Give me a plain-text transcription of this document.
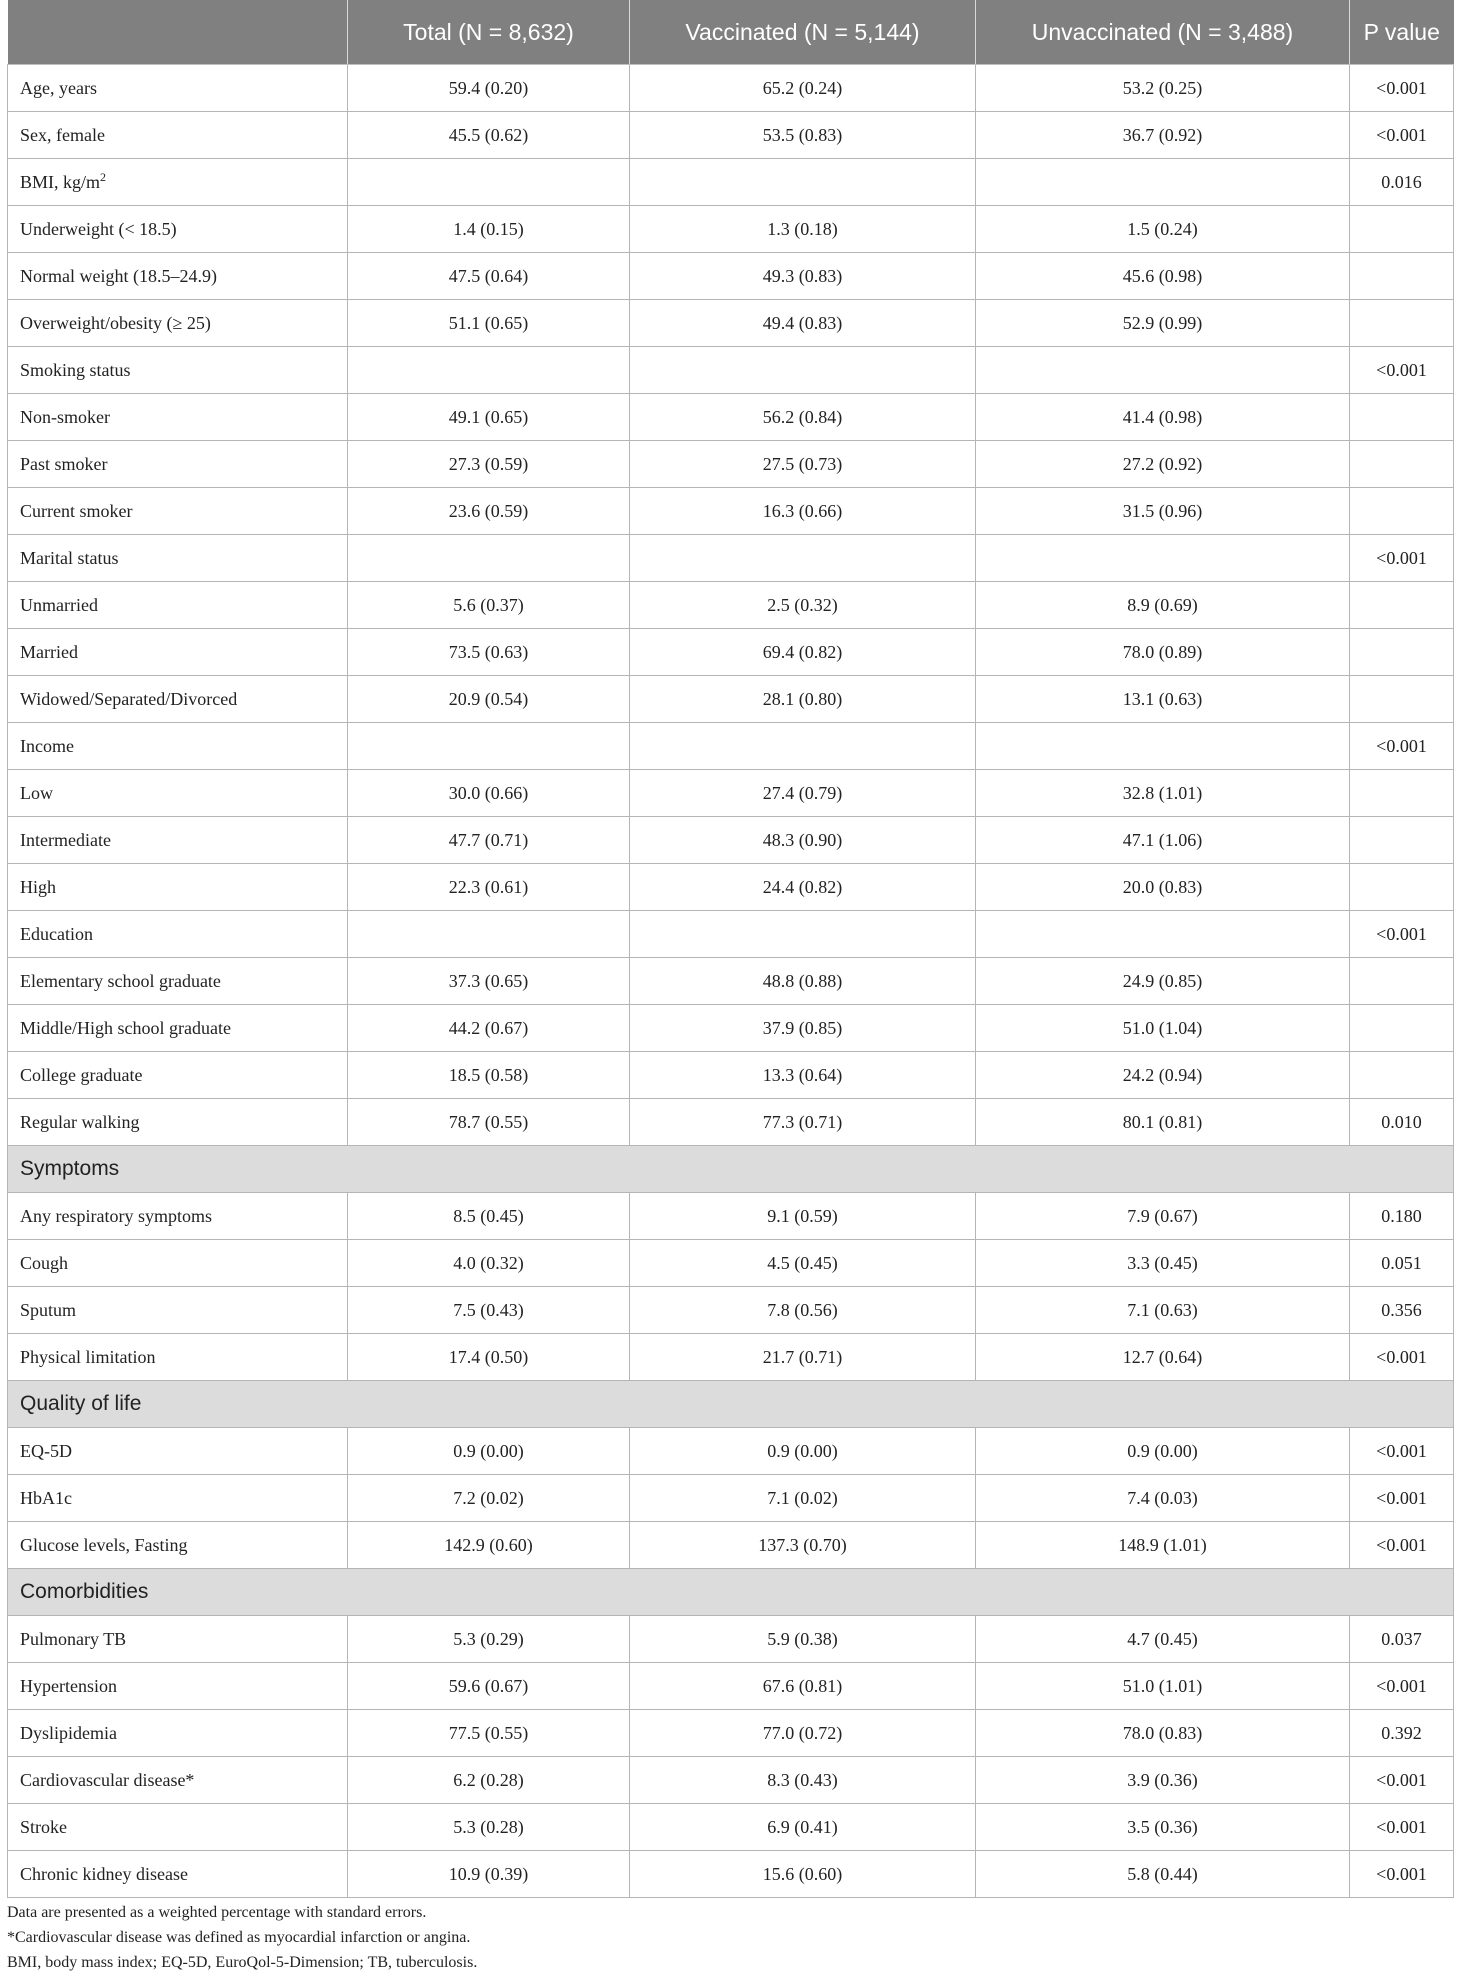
	Total (N = 8,632)	Vaccinated (N = 5,144)	Unvaccinated (N = 3,488)	P value
Age, years	59.4 (0.20)	65.2 (0.24)	53.2 (0.25)	<0.001
Sex, female	45.5 (0.62)	53.5 (0.83)	36.7 (0.92)	<0.001
BMI, $kg/m^2$				0.016
Underweight (< 18.5)	1.4 (0.15)	1.3 (0.18)	1.5 (0.24)	
Normal weight (18.5–24.9)	47.5 (0.64)	49.3 (0.83)	45.6 (0.98)	
Overweight/obesity (≥ 25)	51.1 (0.65)	49.4 (0.83)	52.9 (0.99)	
Smoking status				<0.001
Non-smoker	49.1 (0.65)	56.2 (0.84)	41.4 (0.98)	
Past smoker	27.3 (0.59)	27.5 (0.73)	27.2 (0.92)	
Current smoker	23.6 (0.59)	16.3 (0.66)	31.5 (0.96)	
Marital status				<0.001
Unmarried	5.6 (0.37)	2.5 (0.32)	8.9 (0.69)	
Married	73.5 (0.63)	69.4 (0.82)	78.0 (0.89)	
Widowed/Separated/Divorced	20.9 (0.54)	28.1 (0.80)	13.1 (0.63)	
Income				<0.001
Low	30.0 (0.66)	27.4 (0.79)	32.8 (1.01)	
Intermediate	47.7 (0.71)	48.3 (0.90)	47.1 (1.06)	
High	22.3 (0.61)	24.4 (0.82)	20.0 (0.83)	
Education				<0.001
Elementary school graduate	37.3 (0.65)	48.8 (0.88)	24.9 (0.85)	
Middle/High school graduate	44.2 (0.67)	37.9 (0.85)	51.0 (1.04)	
College graduate	18.5 (0.58)	13.3 (0.64)	24.2 (0.94)	
Regular walking	78.7 (0.55)	77.3 (0.71)	80.1 (0.81)	0.010
Symptoms				
Any respiratory symptoms	8.5 (0.45)	9.1 (0.59)	7.9 (0.67)	0.180
Cough	4.0 (0.32)	4.5 (0.45)	3.3 (0.45)	0.051
Sputum	7.5 (0.43)	7.8 (0.56)	7.1 (0.63)	0.356
Physical limitation	17.4 (0.50)	21.7 (0.71)	12.7 (0.64)	<0.001
Quality of life				
EQ-5D	0.9 (0.00)	0.9 (0.00)	0.9 (0.00)	<0.001
HbA1c	7.2 (0.02)	7.1 (0.02)	7.4 (0.03)	<0.001
Glucose levels, Fasting	142.9 (0.60)	137.3 (0.70)	148.9 (1.01)	<0.001
Comorbidities				
Pulmonary TB	5.3 (0.29)	5.9 (0.38)	4.7 (0.45)	0.037
Hypertension	59.6 (0.67)	67.6 (0.81)	51.0 (1.01)	<0.001
Dyslipidemia	77.5 (0.55)	77.0 (0.72)	78.0 (0.83)	0.392
Cardiovascular disease*	6.2 (0.28)	8.3 (0.43)	3.9 (0.36)	<0.001
Stroke	5.3 (0.28)	6.9 (0.41)	3.5 (0.36)	<0.001
Chronic kidney disease	10.9 (0.39)	15.6 (0.60)	5.8 (0.44)	<0.001

Data are presented as a weighted percentage with standard errors.

*Cardiovascular disease was defined as myocardial infarction or angina.

BMI, body mass index; EQ-5D, EuroQol-5-Dimension; TB, tuberculosis.
